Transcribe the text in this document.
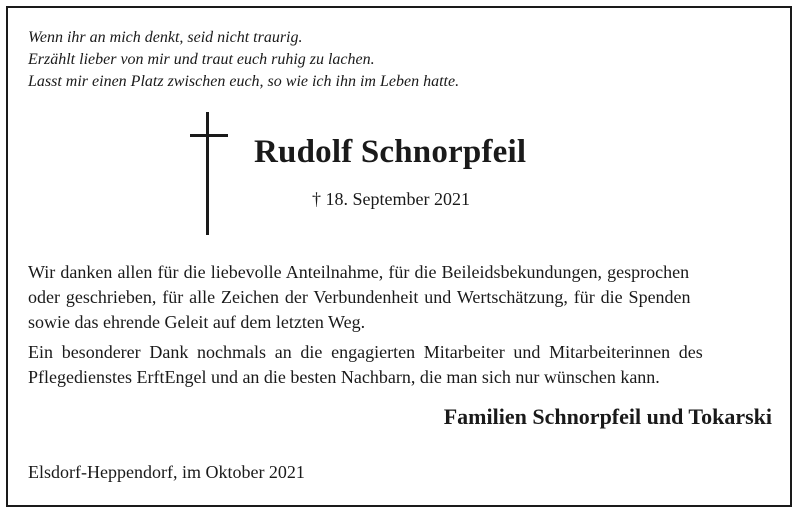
Wenn ihr an mich denkt, seid nicht traurig.
Erzählt lieber von mir und traut euch ruhig zu lachen.
Lasst mir einen Platz zwischen euch, so wie ich ihn im Leben hatte.
Rudolf Schnorpfeil
† 18. September 2021
Wir danken allen für die liebevolle Anteilnahme, für die Beileidsbekundungen, gesprochen
oder geschrieben, für alle Zeichen der Verbundenheit und Wertschätzung, für die Spenden
sowie das ehrende Geleit auf dem letzten Weg.
Ein besonderer Dank nochmals an die engagierten Mitarbeiter und Mitarbeiterinnen des
Pflegedienstes ErftEngel und an die besten Nachbarn, die man sich nur wünschen kann.
Familien Schnorpfeil und Tokarski
Elsdorf-Heppendorf, im Oktober 2021
